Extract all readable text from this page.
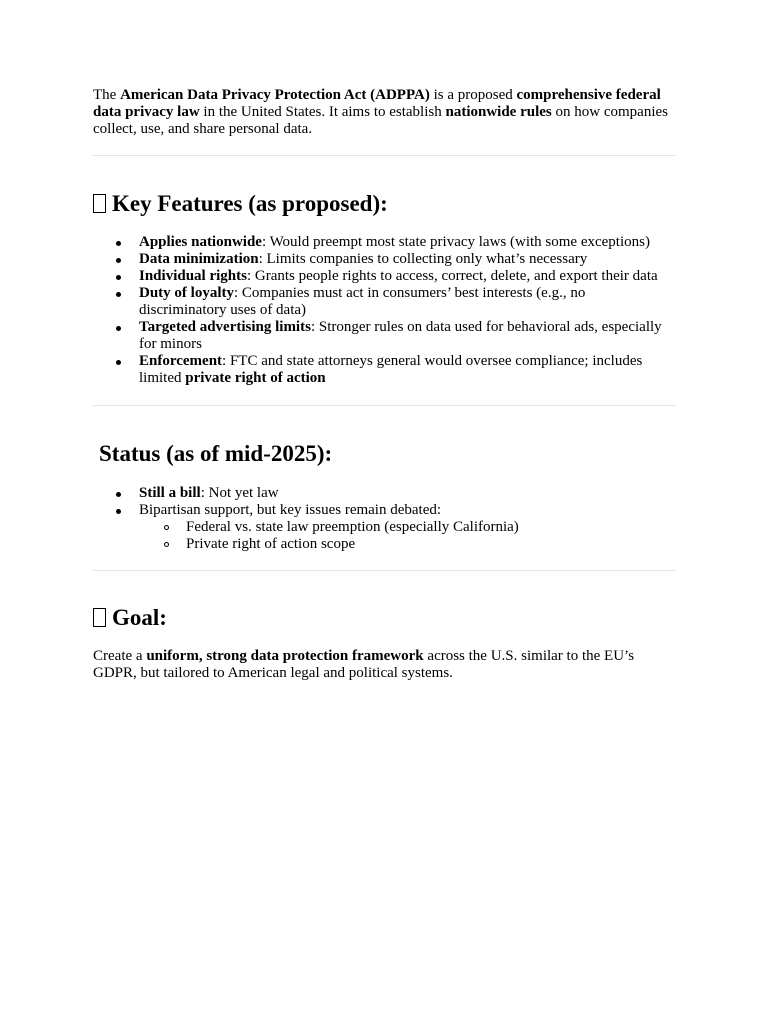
The American Data Privacy Protection Act (ADPPA) is a proposed comprehensive federal data privacy law in the United States. It aims to establish nationwide rules on how companies collect, use, and share personal data.

Key Features (as proposed):
Applies nationwide: Would preempt most state privacy laws (with some exceptions)
Data minimization: Limits companies to collecting only what’s necessary
Individual rights: Grants people rights to access, correct, delete, and export their data
Duty of loyalty: Companies must act in consumers’ best interests (e.g., no discriminatory uses of data)
Targeted advertising limits: Stronger rules on data used for behavioral ads, especially for minors
Enforcement: FTC and state attorneys general would oversee compliance; includes limited private right of action
Status (as of mid-2025):
Still a bill: Not yet law
Bipartisan support, but key issues remain debated:
Federal vs. state law preemption (especially California)
Private right of action scope
Goal:

Create a uniform, strong data protection framework across the U.S. similar to the EU’s GDPR, but tailored to American legal and political systems.
